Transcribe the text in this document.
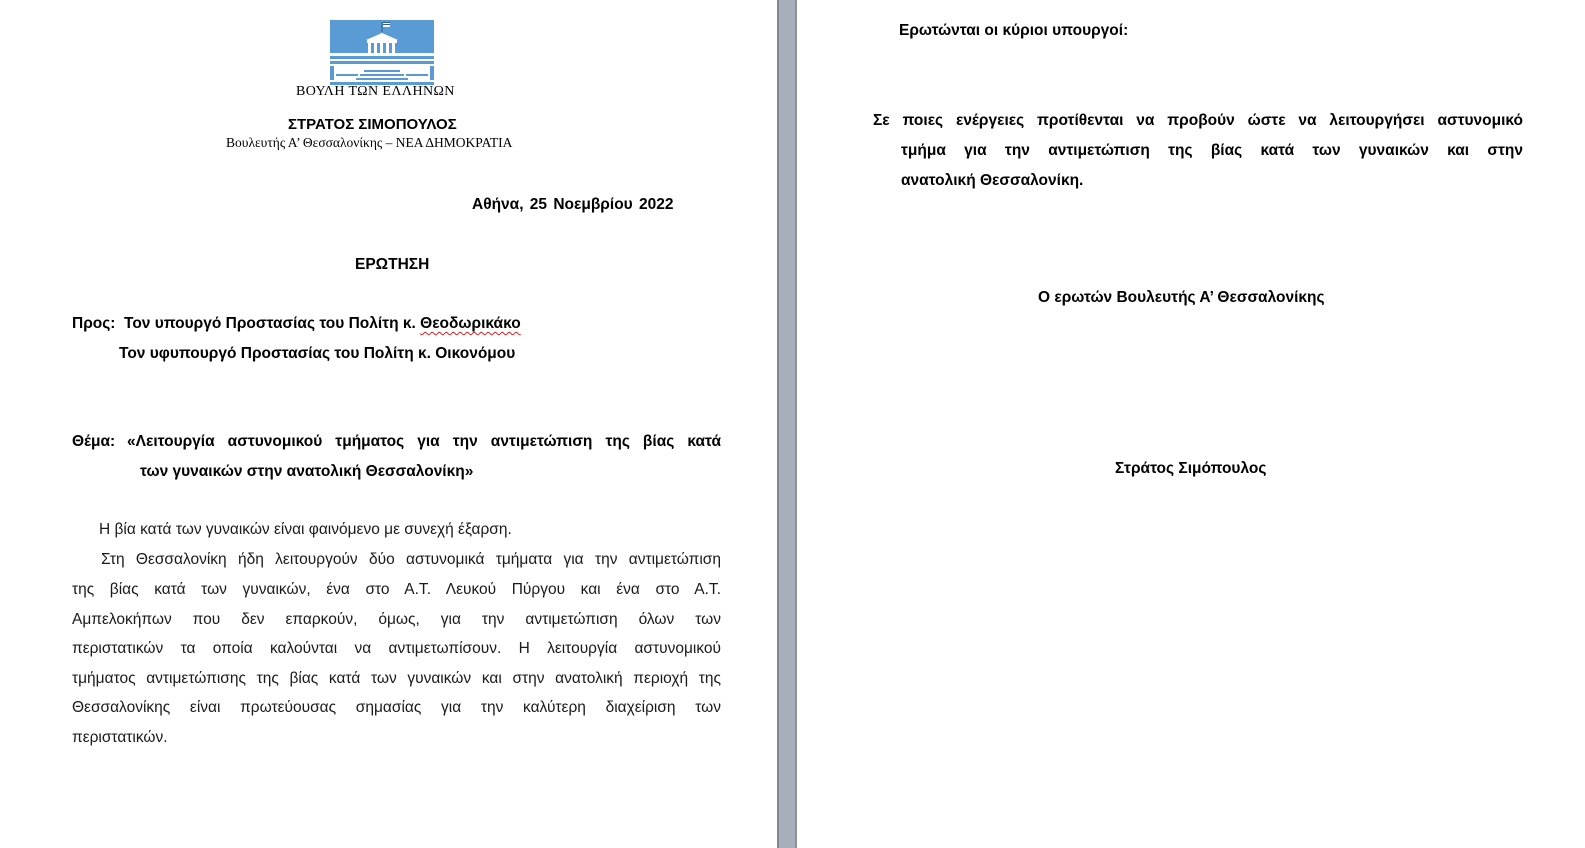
ΒΟΥΛΗ ΤΩΝ ΕΛΛΗΝΩΝ
ΣΤΡΑΤΟΣ ΣΙΜΟΠΟΥΛΟΣ
Βουλευτής Α’ Θεσσαλονίκης – ΝΕΑ ΔΗΜΟΚΡΑΤΙΑ
Αθήνα, 25 Νοεμβρίου 2022
ΕΡΩΤΗΣΗ
Προς: Τον υπουργό Προστασίας του Πολίτη κ. Θεοδωρικάκο
Τον υφυπουργό Προστασίας του Πολίτη κ. Οικονόμου
Θέμα: «Λειτουργία αστυνομικού τμήματος για την αντιμετώπιση της βίας κατά
των γυναικών στην ανατολική Θεσσαλονίκη»
Η βία κατά των γυναικών είναι φαινόμενο με συνεχή έξαρση.
Στη Θεσσαλονίκη ήδη λειτουργούν δύο αστυνομικά τμήματα για την αντιμετώπιση
της βίας κατά των γυναικών, ένα στο Α.Τ. Λευκού Πύργου και ένα στο Α.Τ.
Αμπελοκήπων που δεν επαρκούν, όμως, για την αντιμετώπιση όλων των
περιστατικών τα οποία καλούνται να αντιμετωπίσουν. Η λειτουργία αστυνομικού
τμήματος αντιμετώπισης της βίας κατά των γυναικών και στην ανατολική περιοχή της
Θεσσαλονίκης είναι πρωτεύουσας σημασίας για την καλύτερη διαχείριση των
περιστατικών.
Ερωτώνται οι κύριοι υπουργοί:
Σε ποιες ενέργειες προτίθενται να προβούν ώστε να λειτουργήσει αστυνομικό
τμήμα για την αντιμετώπιση της βίας κατά των γυναικών και στην
ανατολική Θεσσαλονίκη.
Ο ερωτών Βουλευτής Α’ Θεσσαλονίκης
Στράτος Σιμόπουλος
